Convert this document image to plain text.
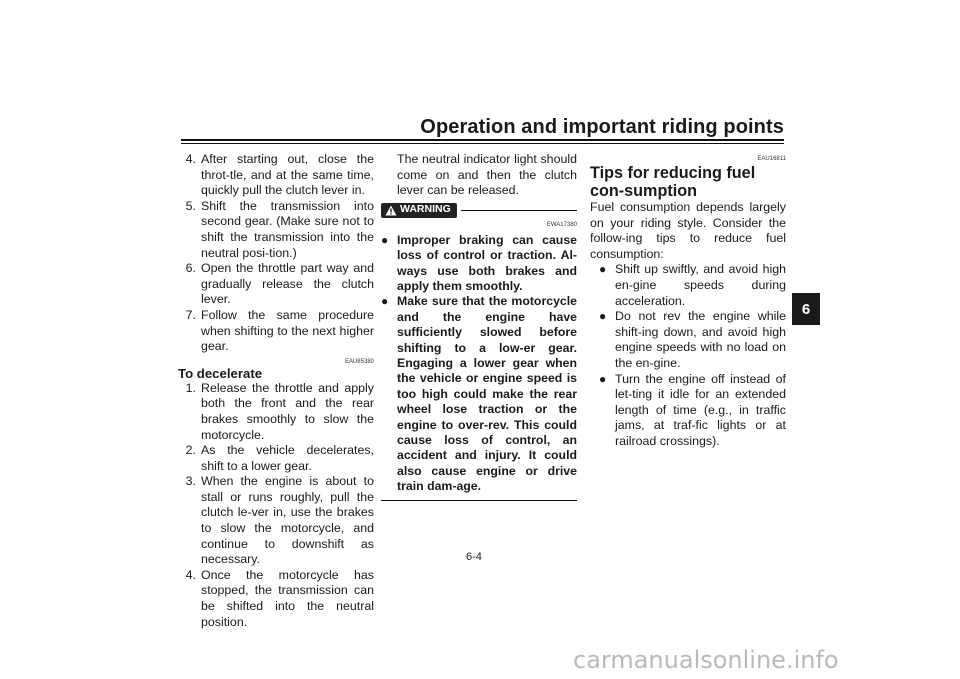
Operation and important riding points
6
4. After starting out, close the throt-tle, and at the same time, quickly pull the clutch lever in.
5. Shift the transmission into second gear. (Make sure not to shift the transmission into the neutral posi-tion.)
6. Open the throttle part way and gradually release the clutch lever.
7. Follow the same procedure when shifting to the next higher gear.
EAU85380
To decelerate
1. Release the throttle and apply both the front and the rear brakes smoothly to slow the motorcycle.
2. As the vehicle decelerates, shift to a lower gear.
3. When the engine is about to stall or runs roughly, pull the clutch le-ver in, use the brakes to slow the motorcycle, and continue to downshift as necessary.
4. Once the motorcycle has stopped, the transmission can be shifted into the neutral position.
The neutral indicator light should come on and then the clutch lever can be released.
WARNING
EWA17380
● Improper braking can cause loss of control or traction. Al-ways use both brakes and apply them smoothly.
● Make sure that the motorcycle and the engine have sufficiently slowed before shifting to a low-er gear. Engaging a lower gear when the vehicle or engine speed is too high could make the rear wheel lose traction or the engine to over-rev. This could cause loss of control, an accident and injury. It could also cause engine or drive train dam-age.
EAU16811
Tips for reducing fuel con-sumption
Fuel consumption depends largely on your riding style. Consider the follow-ing tips to reduce fuel consumption:
● Shift up swiftly, and avoid high en-gine speeds during acceleration.
● Do not rev the engine while shift-ing down, and avoid high engine speeds with no load on the en-gine.
● Turn the engine off instead of let-ting it idle for an extended length of time (e.g., in traffic jams, at traf-fic lights or at railroad crossings).
6-4
carmanualsonline.info
